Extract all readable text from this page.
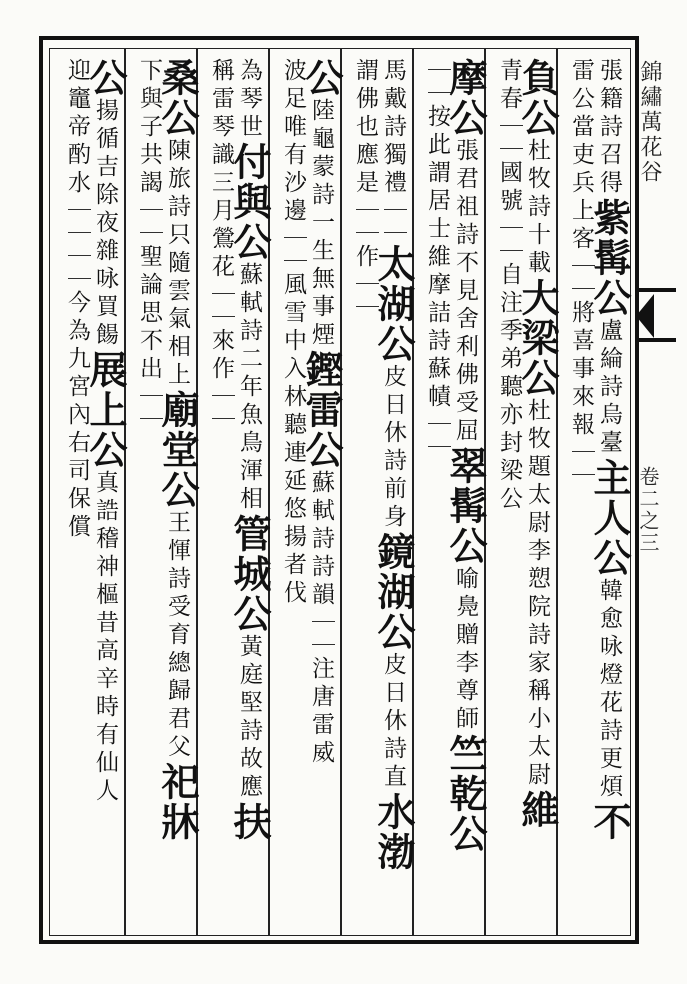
錦繡萬花谷
卷二之三
張籍詩召得紫髯公盧綸詩烏臺主人公韓愈咏燈花詩更煩不
雷公當吏兵上客｜｜將喜事來報｜｜
負公杜牧詩十載大梁公杜牧題太尉李愬院詩家稱小太尉維
青春｜｜國號｜｜自注季弟聽亦封梁公
摩公張君祖詩不見舍利佛受屈翠髯公喻鳧贈李尊師竺乾公
｜｜按此謂居士維摩詰詩蘇幘｜｜
馬戴詩獨禮｜｜太湖公皮日休詩前身鏡湖公皮日休詩直水渤
謂佛也應是｜｜作｜｜
公陸龜蒙詩一生無事煙鏗雷公蘇軾詩詩韻｜｜注唐雷威
波足唯有沙邊｜｜風雪中入林聽連延悠揚者伐
為琴世付與公蘇軾詩二年魚鳥渾相管城公黃庭堅詩故應扶
稱雷琴識三月鶯花｜｜來作｜｜
桑公陳旅詩只隨雲氣相上廟堂公王惲詩受育總歸君父祀牀
下與子共謁｜｜聖論思不出｜｜
公揚循吉除夜雜咏買餳展上公真誥稽神樞昔高辛時有仙人
迎竈帝酌水｜｜｜｜今為九宮內右司保償
